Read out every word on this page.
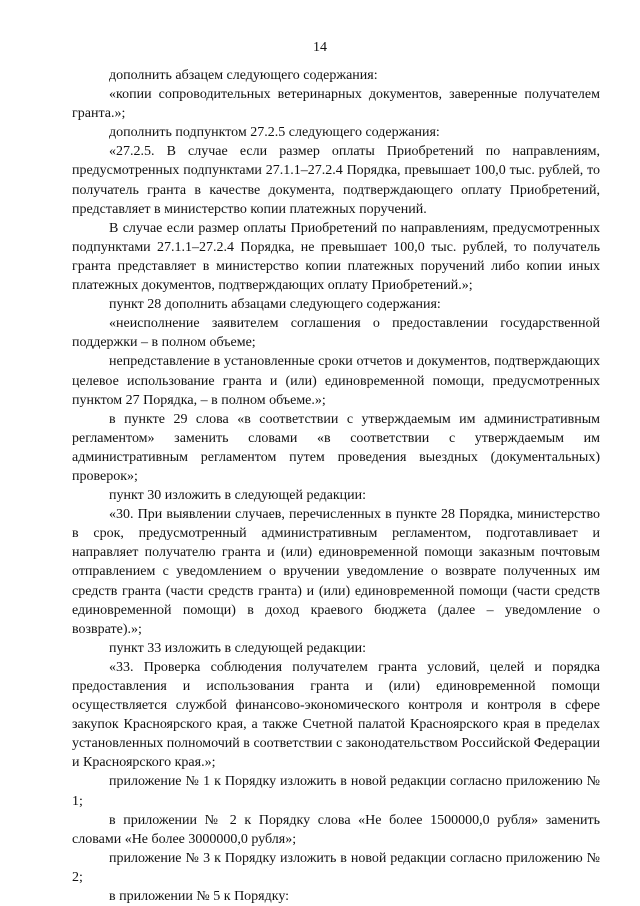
14

дополнить абзацем следующего содержания:

«копии сопроводительных ветеринарных документов, заверенные получателем гранта.»;

дополнить подпунктом 27.2.5 следующего содержания:

«27.2.5. В случае если размер оплаты Приобретений по направлениям, предусмотренных подпунктами 27.1.1–27.2.4 Порядка, превышает 100,0 тыс. рублей, то получатель гранта в качестве документа, подтверждающего оплату Приобретений, представляет в министерство копии платежных поручений.

В случае если размер оплаты Приобретений по направлениям, предусмотренных подпунктами 27.1.1–27.2.4 Порядка, не превышает 100,0 тыс. рублей, то получатель гранта представляет в министерство копии платежных поручений либо копии иных платежных документов, подтверждающих оплату Приобретений.»;

пункт 28 дополнить абзацами следующего содержания:

«неисполнение заявителем соглашения о предоставлении государственной поддержки – в полном объеме;

непредставление в установленные сроки отчетов и документов, подтверждающих целевое использование гранта и (или) единовременной помощи, предусмотренных пунктом 27 Порядка, – в полном объеме.»;

в пункте 29 слова «в соответствии с утверждаемым им административным регламентом» заменить словами «в соответствии с утверждаемым им административным регламентом путем проведения выездных (документальных) проверок»;

пункт 30 изложить в следующей редакции:

«30. При выявлении случаев, перечисленных в пункте 28 Порядка, министерство в срок, предусмотренный административным регламентом, подготавливает и направляет получателю гранта и (или) единовременной помощи заказным почтовым отправлением с уведомлением о вручении уведомление о возврате полученных им средств гранта (части средств гранта) и (или) единовременной помощи (части средств единовременной помощи) в доход краевого бюджета (далее – уведомление о возврате).»;

пункт 33 изложить в следующей редакции:

«33. Проверка соблюдения получателем гранта условий, целей и порядка предоставления и использования гранта и (или) единовременной помощи осуществляется службой финансово-экономического контроля и контроля в сфере закупок Красноярского края, а также Счетной палатой Красноярского края в пределах установленных полномочий в соответствии с законодательством Российской Федерации и Красноярского края.»;

приложение № 1 к Порядку изложить в новой редакции согласно приложению № 1;

в приложении № 2 к Порядку слова «Не более 1500000,0 рубля» заменить словами «Не более 3000000,0 рубля»;

приложение № 3 к Порядку изложить в новой редакции согласно приложению № 2;

в приложении № 5 к Порядку:
